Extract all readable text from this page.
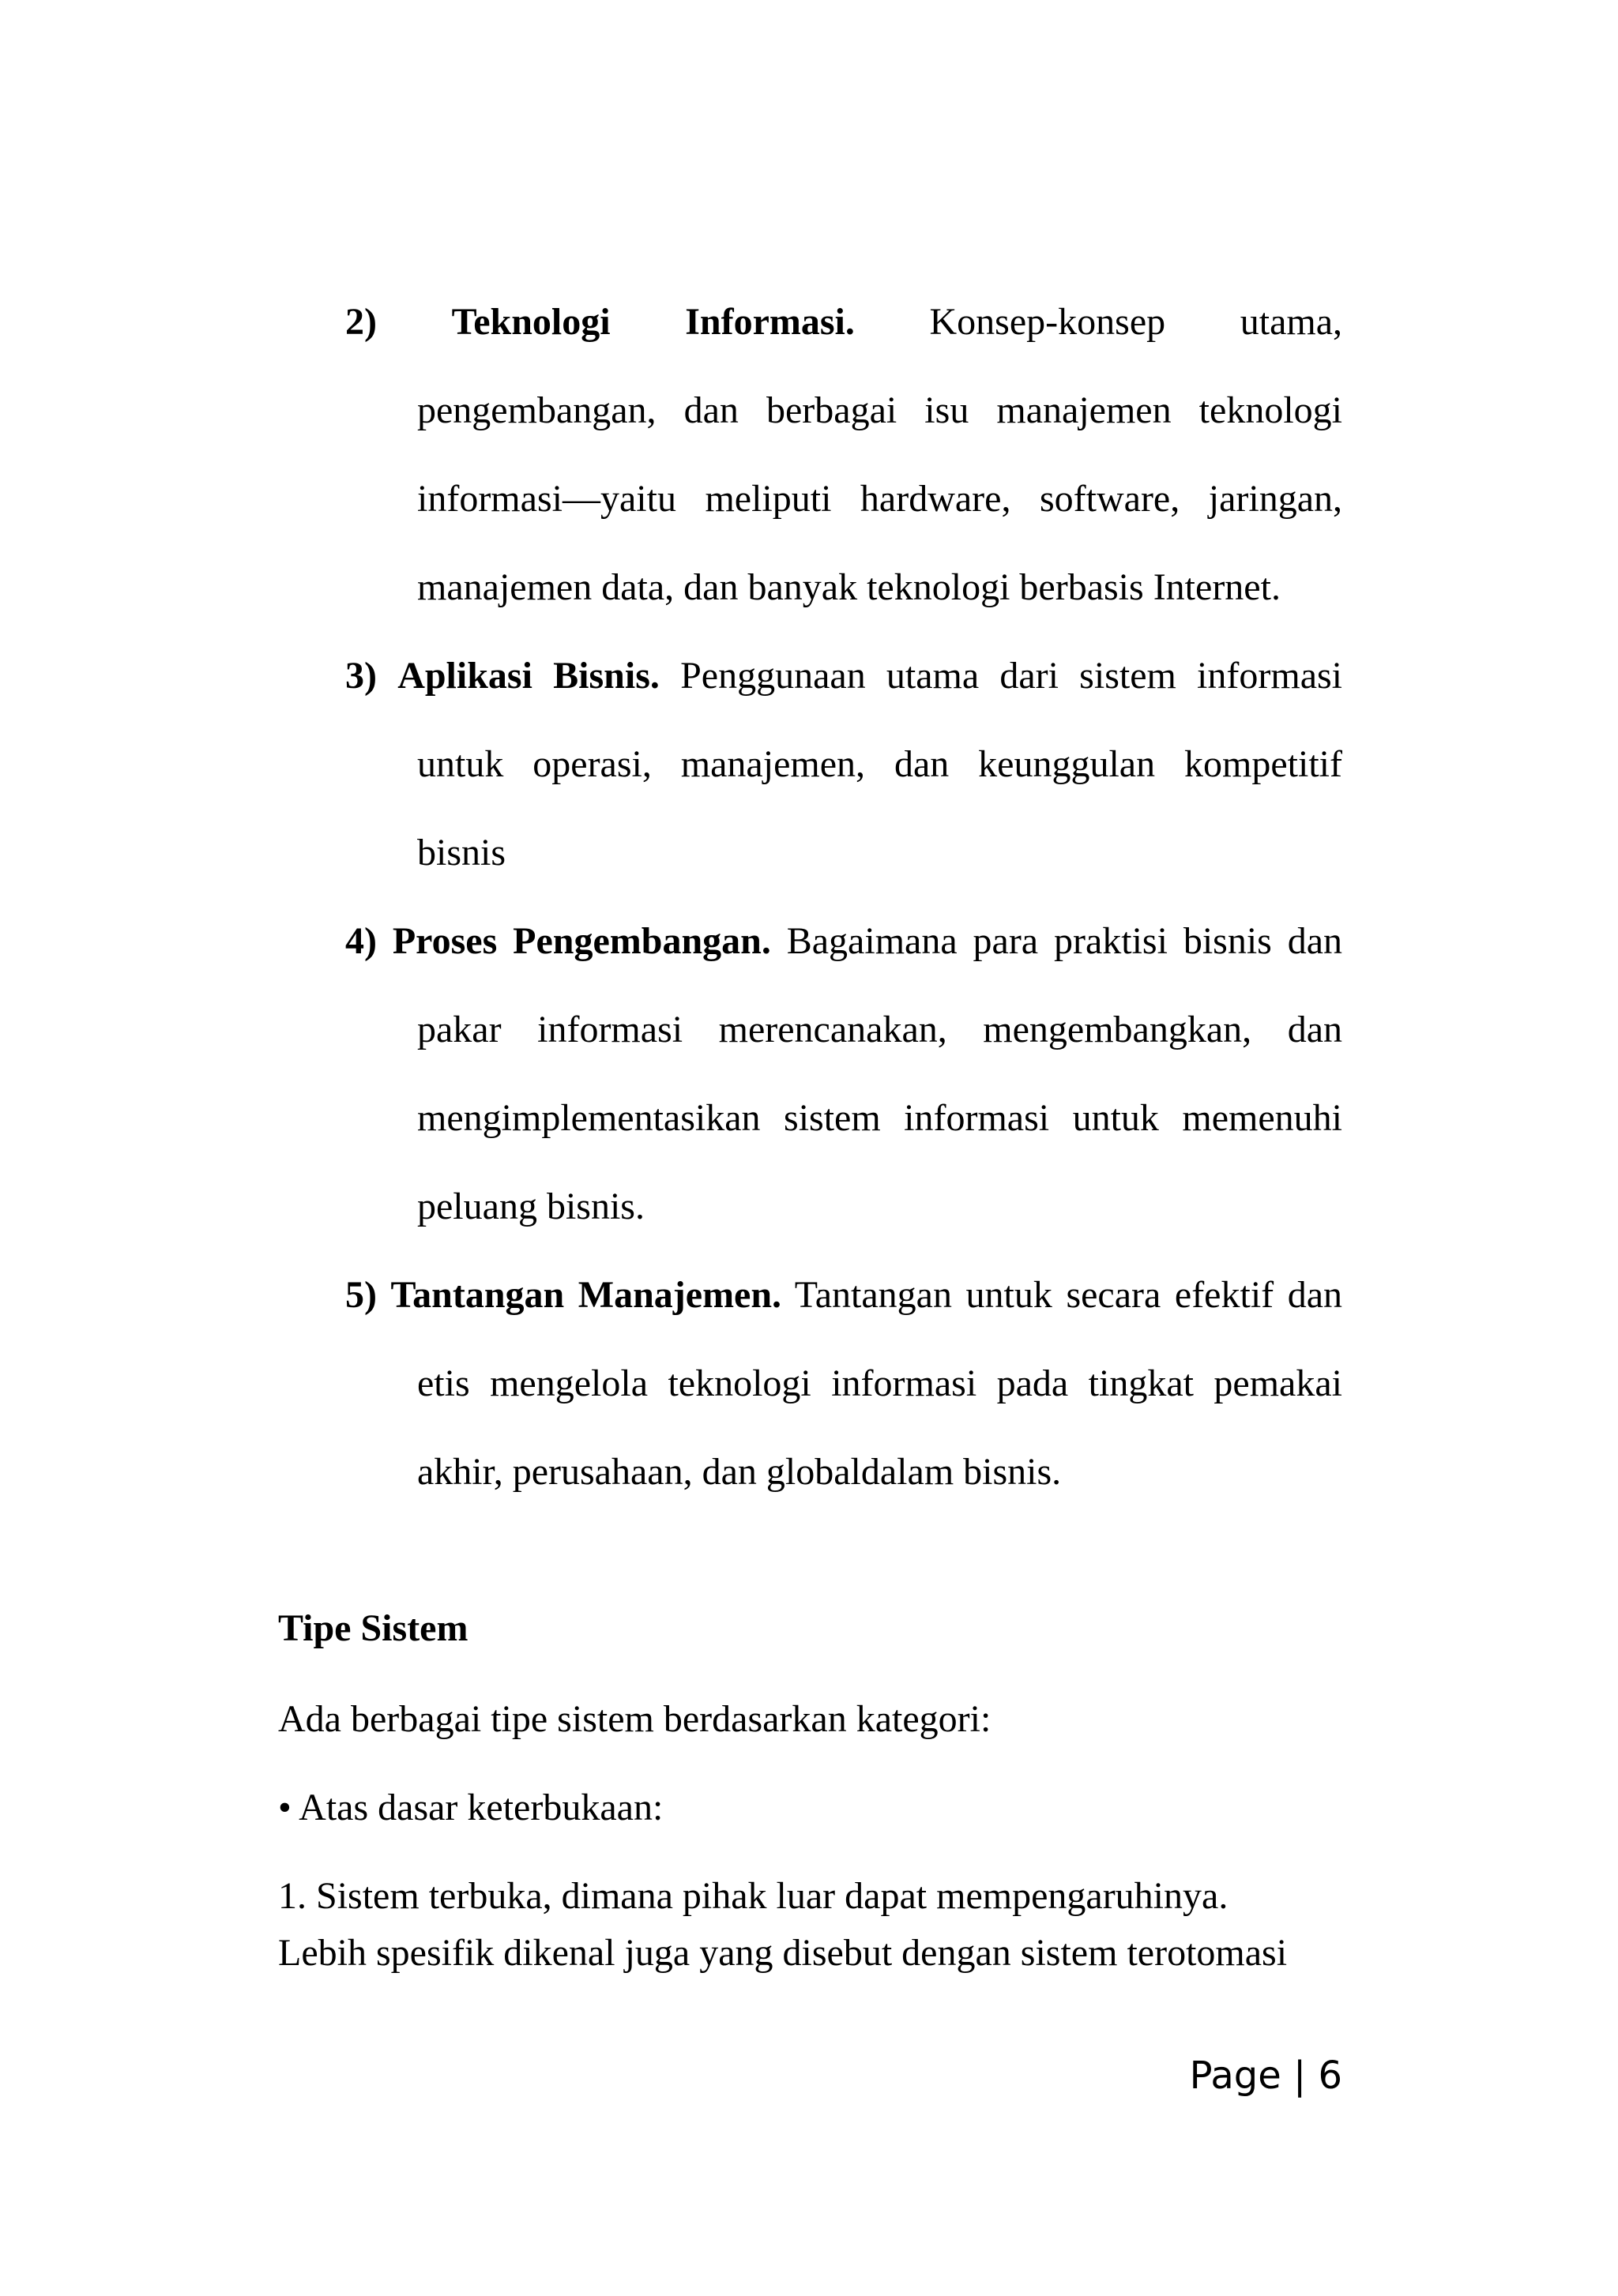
2) Teknologi Informasi. Konsep-konsep utama,
pengembangan, dan berbagai isu manajemen teknologi
informasi—yaitu meliputi hardware, software, jaringan,
manajemen data, dan banyak teknologi berbasis Internet.
3) Aplikasi Bisnis. Penggunaan utama dari sistem informasi
untuk operasi, manajemen, dan keunggulan kompetitif
bisnis
4) Proses Pengembangan. Bagaimana para praktisi bisnis dan
pakar informasi merencanakan, mengembangkan, dan
mengimplementasikan sistem informasi untuk memenuhi
peluang bisnis.
5) Tantangan Manajemen. Tantangan untuk secara efektif dan
etis mengelola teknologi informasi pada tingkat pemakai
akhir, perusahaan, dan globaldalam bisnis.
Tipe Sistem
Ada berbagai tipe sistem berdasarkan kategori:
• Atas dasar keterbukaan:
1. Sistem terbuka, dimana pihak luar dapat mempengaruhinya.
Lebih spesifik dikenal juga yang disebut dengan sistem terotomasi
Page | 6
